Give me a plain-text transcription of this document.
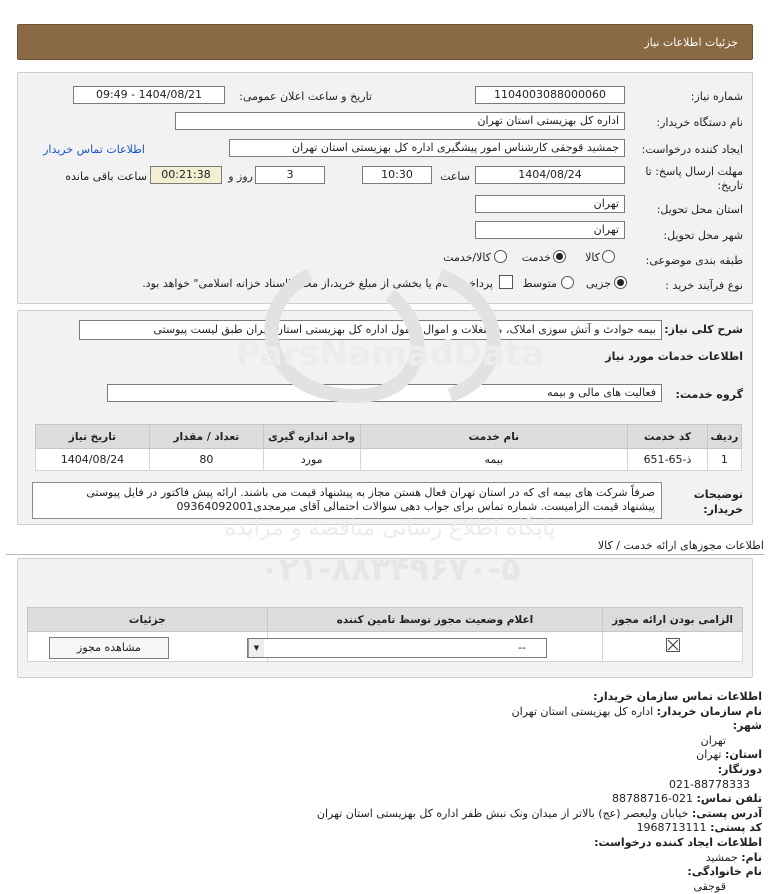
جزئیات اطلاعات نیاز
شماره نیاز:
1104003088000060
تاریخ و ساعت اعلان عمومی:
1404/08/21 - 09:49
نام دستگاه خریدار:
اداره کل بهزیستی استان تهران
ایجاد کننده درخواست:
جمشید قوجقی کارشناس امور پیشگیری اداره کل بهزیستی استان تهران
اطلاعات تماس خریدار
مهلت ارسال پاسخ: تا
تاریخ:
1404/08/24
ساعت
10:30
3
روز و
00:21:38
ساعت باقی مانده
استان محل تحویل:
تهران
شهر محل تحویل:
تهران
طبقه بندی موضوعی:
کالا
خدمت
کالا/خدمت
نوع فرآیند خرید :
جزیی
متوسط
پرداخت تمام یا بخشی از مبلغ خرید،از محل "اسناد خزانه اسلامی" خواهد بود.
شرح کلی نیاز:
بیمه حوادث و آتش سوزی املاک، مستغلات و اموال منقول اداره کل بهزیستی استان تهران طبق لیست پیوستی
اطلاعات خدمات مورد نیاز
گروه خدمت:
فعالیت های مالی و بیمه
ردیف	کد خدمت	نام خدمت	واحد اندازه گیری	تعداد / مقدار	تاریخ نیاز
1	ذ-65-651	بیمه	مورد	80	1404/08/24
توضیحات
خریدار:
صرفاً شرکت های بیمه ای که در استان تهران فعال هستن مجاز به پیشنهاد قیمت می باشند. ارائه پیش فاکتور در فایل پیوستی
پیشنهاد قیمت الزامیست. شماره تماس برای جواب دهی سوالات احتمالی آقای میرمجدی09364092001
اطلاعات مجوزهای ارائه خدمت / کالا
الزامی بودن ارائه مجوز	اعلام وضعیت مجوز توسط تامین کننده	جزئیات

--
▼
مشاهده مجوز
ParsNamadData
پایگاه اطلاع رسانی مناقصه و مزایده
۰۲۱-۸۸۳۴۹۶۷۰-۵
اطلاعات تماس سازمان خریدار:
نام سازمان خریدار: اداره کل بهزیستی استان تهران
شهر:
تهران
استان: تهران
دورنگار:
021-88778333
تلفن تماس: 021-88788716
آدرس پستی: خیابان ولیعصر (عج) بالاتر از میدان ونک نبش ظفر اداره کل بهزیستی استان تهران
کد پستی: 1968713111
اطلاعات ایجاد کننده درخواست:
نام: جمشید
نام خانوادگی:
قوجقی
